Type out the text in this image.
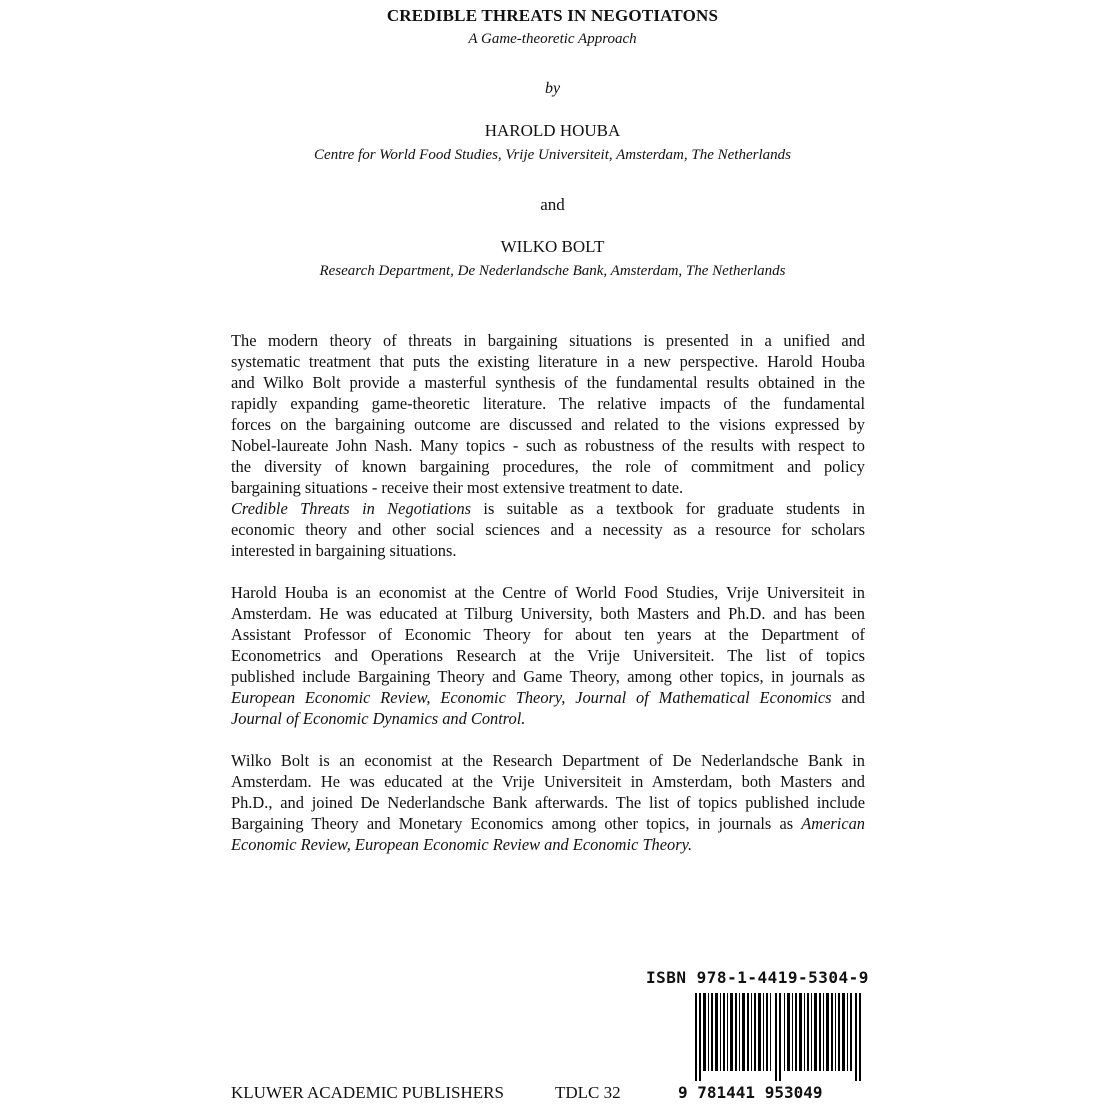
CREDIBLE THREATS IN NEGOTIATONS
A Game-theoretic Approach
by
HAROLD HOUBA
Centre for World Food Studies, Vrije Universiteit, Amsterdam, The Netherlands
and
WILKO BOLT
Research Department, De Nederlandsche Bank, Amsterdam, The Netherlands
The modern theory of threats in bargaining situations is presented in a unified and
systematic treatment that puts the existing literature in a new perspective. Harold Houba
and Wilko Bolt provide a masterful synthesis of the fundamental results obtained in the
rapidly expanding game-theoretic literature. The relative impacts of the fundamental
forces on the bargaining outcome are discussed and related to the visions expressed by
Nobel-laureate John Nash. Many topics - such as robustness of the results with respect to
the diversity of known bargaining procedures, the role of commitment and policy
bargaining situations - receive their most extensive treatment to date.
Credible Threats in Negotiations is suitable as a textbook for graduate students in
economic theory and other social sciences and a necessity as a resource for scholars
interested in bargaining situations.
Harold Houba is an economist at the Centre of World Food Studies, Vrije Universiteit in
Amsterdam. He was educated at Tilburg University, both Masters and Ph.D. and has been
Assistant Professor of Economic Theory for about ten years at the Department of
Econometrics and Operations Research at the Vrije Universiteit. The list of topics
published include Bargaining Theory and Game Theory, among other topics, in journals as
European Economic Review, Economic Theory, Journal of Mathematical Economics and
Journal of Economic Dynamics and Control.
Wilko Bolt is an economist at the Research Department of De Nederlandsche Bank in
Amsterdam. He was educated at the Vrije Universiteit in Amsterdam, both Masters and
Ph.D., and joined De Nederlandsche Bank afterwards. The list of topics published include
Bargaining Theory and Monetary Economics among other topics, in journals as American
Economic Review, European Economic Review and Economic Theory.
ISBN 978-1-4419-5304-9
9 781441 953049
KLUWER ACADEMIC PUBLISHERS	TDLC 32
